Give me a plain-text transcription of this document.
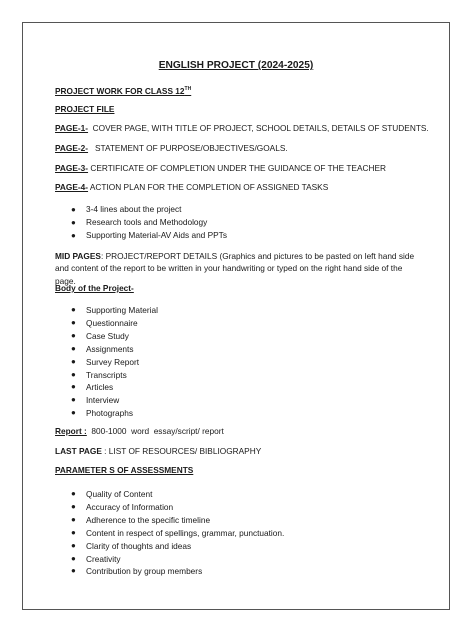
ENGLISH PROJECT (2024-2025)
PROJECT WORK FOR CLASS 12TH
PROJECT FILE
PAGE-1-  COVER PAGE, WITH TITLE OF PROJECT, SCHOOL DETAILS, DETAILS OF STUDENTS.
PAGE-2-   STATEMENT OF PURPOSE/OBJECTIVES/GOALS.
PAGE-3- CERTIFICATE OF COMPLETION UNDER THE GUIDANCE OF THE TEACHER
PAGE-4- ACTION PLAN FOR THE COMPLETION OF ASSIGNED TASKS
● 3-4 lines about the project
● Research tools and Methodology
● Supporting Material-AV Aids and PPTs
MID PAGES: PROJECT/REPORT DETAILS (Graphics and pictures to be pasted on left hand side and content of the report to be written in your handwriting or typed on the right hand side of the page.
Body of the Project-
● Supporting Material
● Questionnaire
● Case Study
● Assignments
● Survey Report
● Transcripts
● Articles
● Interview
● Photographs
Report :  800-1000  word  essay/script/ report
LAST PAGE : LIST OF RESOURCES/ BIBLIOGRAPHY
PARAMETER S OF ASSESSMENTS
● Quality of Content
● Accuracy of Information
● Adherence to the specific timeline
● Content in respect of spellings, grammar, punctuation.
● Clarity of thoughts and ideas
● Creativity
● Contribution by group members
